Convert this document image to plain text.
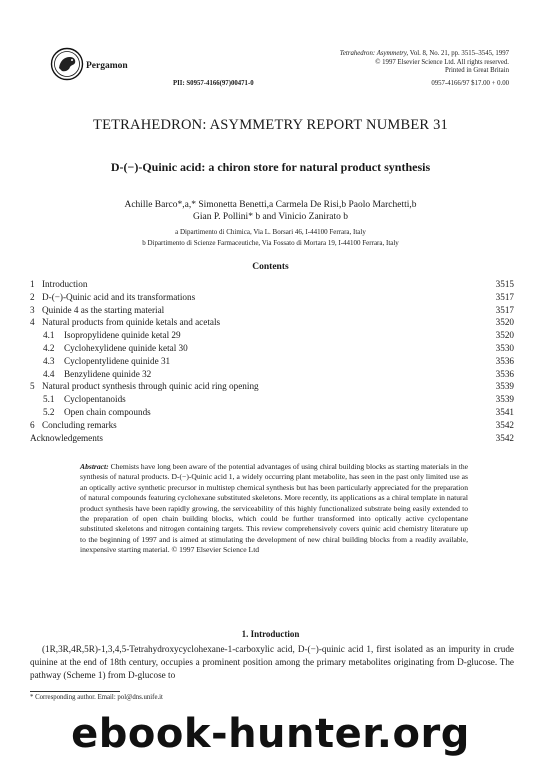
Pergamon
Tetrahedron: Asymmetry, Vol. 8, No. 21, pp. 3515–3545, 1997
© 1997 Elsevier Science Ltd. All rights reserved.
Printed in Great Britain
PII: S0957-4166(97)00471-0	0957-4166/97 $17.00 + 0.00
TETRAHEDRON: ASYMMETRY REPORT NUMBER 31
D-(−)-Quinic acid: a chiron store for natural product synthesis
Achille Barco*,a,* Simonetta Benetti,a Carmela De Risi,b Paolo Marchetti,b
Gian P. Pollini* b and Vinicio Zanirato b
a Dipartimento di Chimica, Via L. Borsari 46, I-44100 Ferrara, Italy
b Dipartimento di Scienze Farmaceutiche, Via Fossato di Mortara 19, I-44100 Ferrara, Italy
Contents
1 Introduction	3515
2 D-(−)-Quinic acid and its transformations	3517
3 Quinide 4 as the starting material	3517
4 Natural products from quinide ketals and acetals	3520
4.1 Isopropylidene quinide ketal 29	3520
4.2 Cyclohexylidene quinide ketal 30	3530
4.3 Cyclopentylidene quinide 31	3536
4.4 Benzylidene quinide 32	3536
5 Natural product synthesis through quinic acid ring opening	3539
5.1 Cyclopentanoids	3539
5.2 Open chain compounds	3541
6 Concluding remarks	3542
Acknowledgements	3542
Abstract: Chemists have long been aware of the potential advantages of using chiral building blocks as starting materials in the synthesis of natural products. D-(−)-Quinic acid 1, a widely occurring plant metabolite, has seen in the past only limited use as an optically active synthetic precursor in multistep chemical synthesis but has been particularly appreciated for the preparation of natural compounds featuring cyclohexane substituted skeletons. More recently, its applications as a chiral template in natural product synthesis have been rapidly growing, the serviceability of this highly functionalized substrate being easily extended to the preparation of open chain building blocks, which could be further transformed into optically active cyclopentane substituted skeletons and nitrogen containing targets. This review comprehensively covers quinic acid chemistry literature up to the beginning of 1997 and is aimed at stimulating the development of new chiral building blocks from a readily available, inexpensive starting material. © 1997 Elsevier Science Ltd
1. Introduction
(1R,3R,4R,5R)-1,3,4,5-Tetrahydroxycyclohexane-1-carboxylic acid, D-(−)-quinic acid 1, first isolated as an impurity in crude quinine at the end of 18th century, occupies a prominent position among the primary metabolites originating from D-glucose. The pathway (Scheme 1) from D-glucose to
* Corresponding author. Email: pol@dns.unife.it
ebook-hunter.org
